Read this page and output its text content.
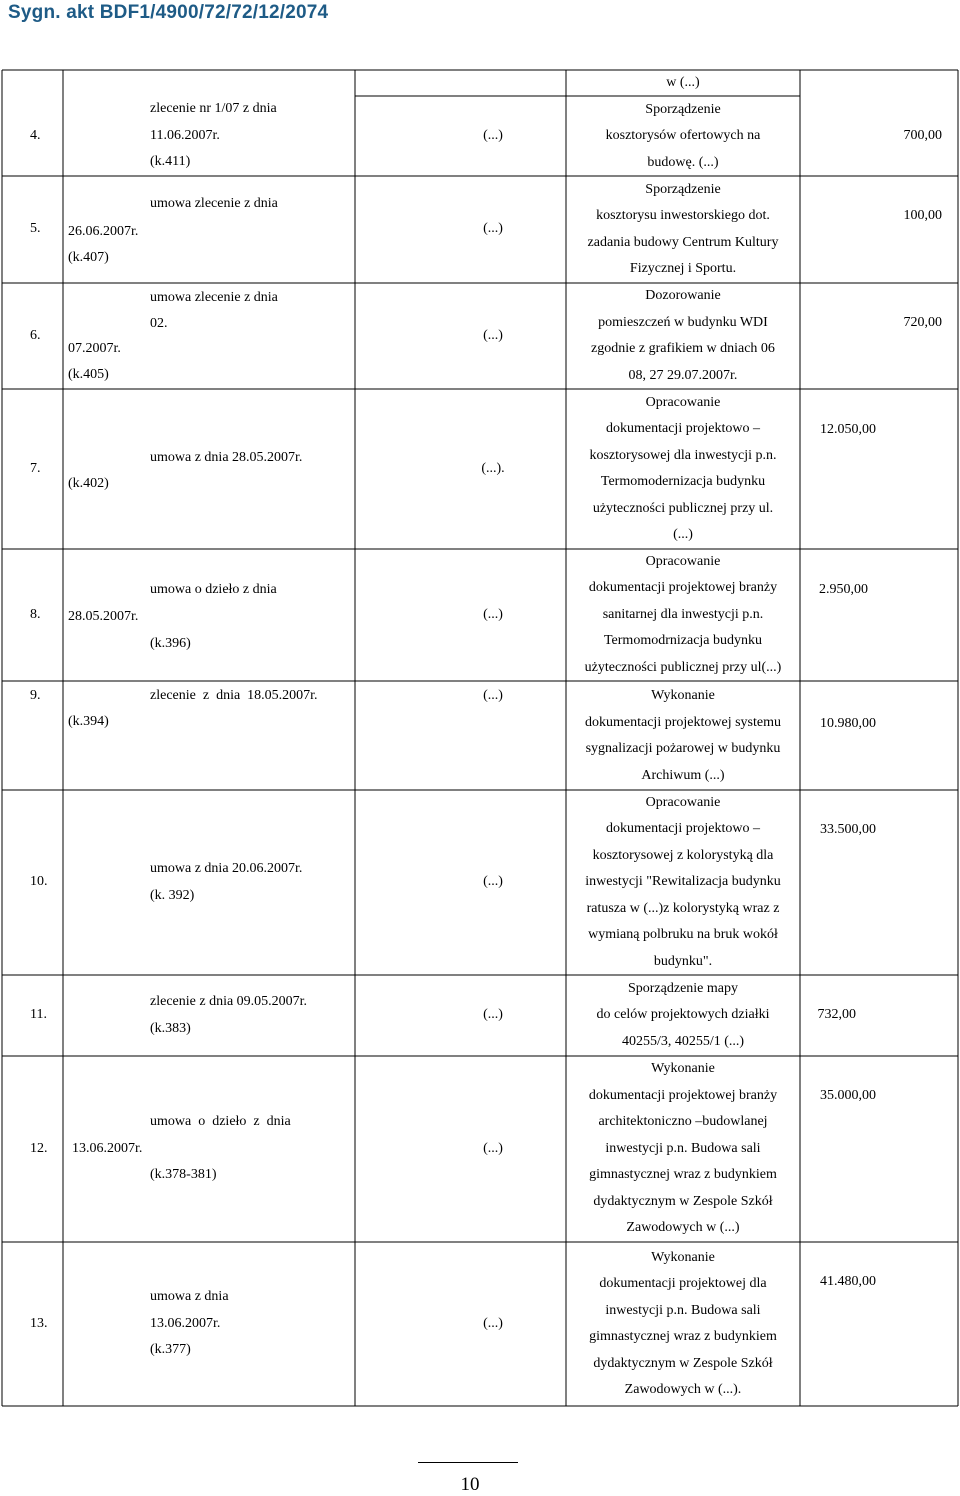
Sygn. akt BDF1/4900/72/72/12/2074
4.
zlecenie nr 1/07 z dnia
11.06.2007r.
(k.411)
(...)
w (...)
Sporządzenie
kosztorysów ofertowych na
budowę. (...)
700,00
5.
umowa zlecenie z dnia
26.06.2007r.
(k.407)
(...)
Sporządzenie
kosztorysu inwestorskiego dot.
zadania budowy Centrum Kultury
Fizycznej i Sportu.
100,00
6.
umowa zlecenie z dnia
02.
07.2007r.
(k.405)
(...)
Dozorowanie
pomieszczeń w budynku WDI
zgodnie z grafikiem w dniach 06
08, 27 29.07.2007r.
720,00
7.
umowa z dnia 28.05.2007r.
(k.402)
(...).
Opracowanie
dokumentacji projektowo –
kosztorysowej dla inwestycji p.n.
Termomodernizacja budynku
użyteczności publicznej przy ul.
(...)
12.050,00
8.
umowa o dzieło z dnia
28.05.2007r.
(k.396)
(...)
Opracowanie
dokumentacji projektowej branży
sanitarnej dla inwestycji p.n.
Termomodrnizacja budynku
użyteczności publicznej przy ul(...)
2.950,00
9.	zlecenie  z  dnia  18.05.2007r.
(k.394)
(...)	Wykonanie
dokumentacji projektowej systemu
sygnalizacji pożarowej w budynku
Archiwum (...)
10.980,00
10.
umowa z dnia 20.06.2007r.
(k. 392)
(...)
Opracowanie
dokumentacji projektowo –
kosztorysowej z kolorystyką dla
inwestycji "Rewitalizacja budynku
ratusza w (...)z kolorystyką wraz z
wymianą polbruku na bruk wokół
budynku".
33.500,00
11.
zlecenie z dnia 09.05.2007r.
(k.383)
(...)
Sporządzenie mapy
do celów projektowych działki
40255/3, 40255/1 (...)
732,00
12.
umowa  o  dzieło  z  dnia
13.06.2007r.
(k.378-381)
(...)
Wykonanie
dokumentacji projektowej branży
architektoniczno –budowlanej
inwestycji p.n. Budowa sali
gimnastycznej wraz z budynkiem
dydaktycznym w Zespole Szkół
Zawodowych w (...)
35.000,00
13.
umowa z dnia
13.06.2007r.
(k.377)
(...)
Wykonanie
dokumentacji projektowej dla
inwestycji p.n. Budowa sali
gimnastycznej wraz z budynkiem
dydaktycznym w Zespole Szkół
Zawodowych w (...).
41.480,00
10
